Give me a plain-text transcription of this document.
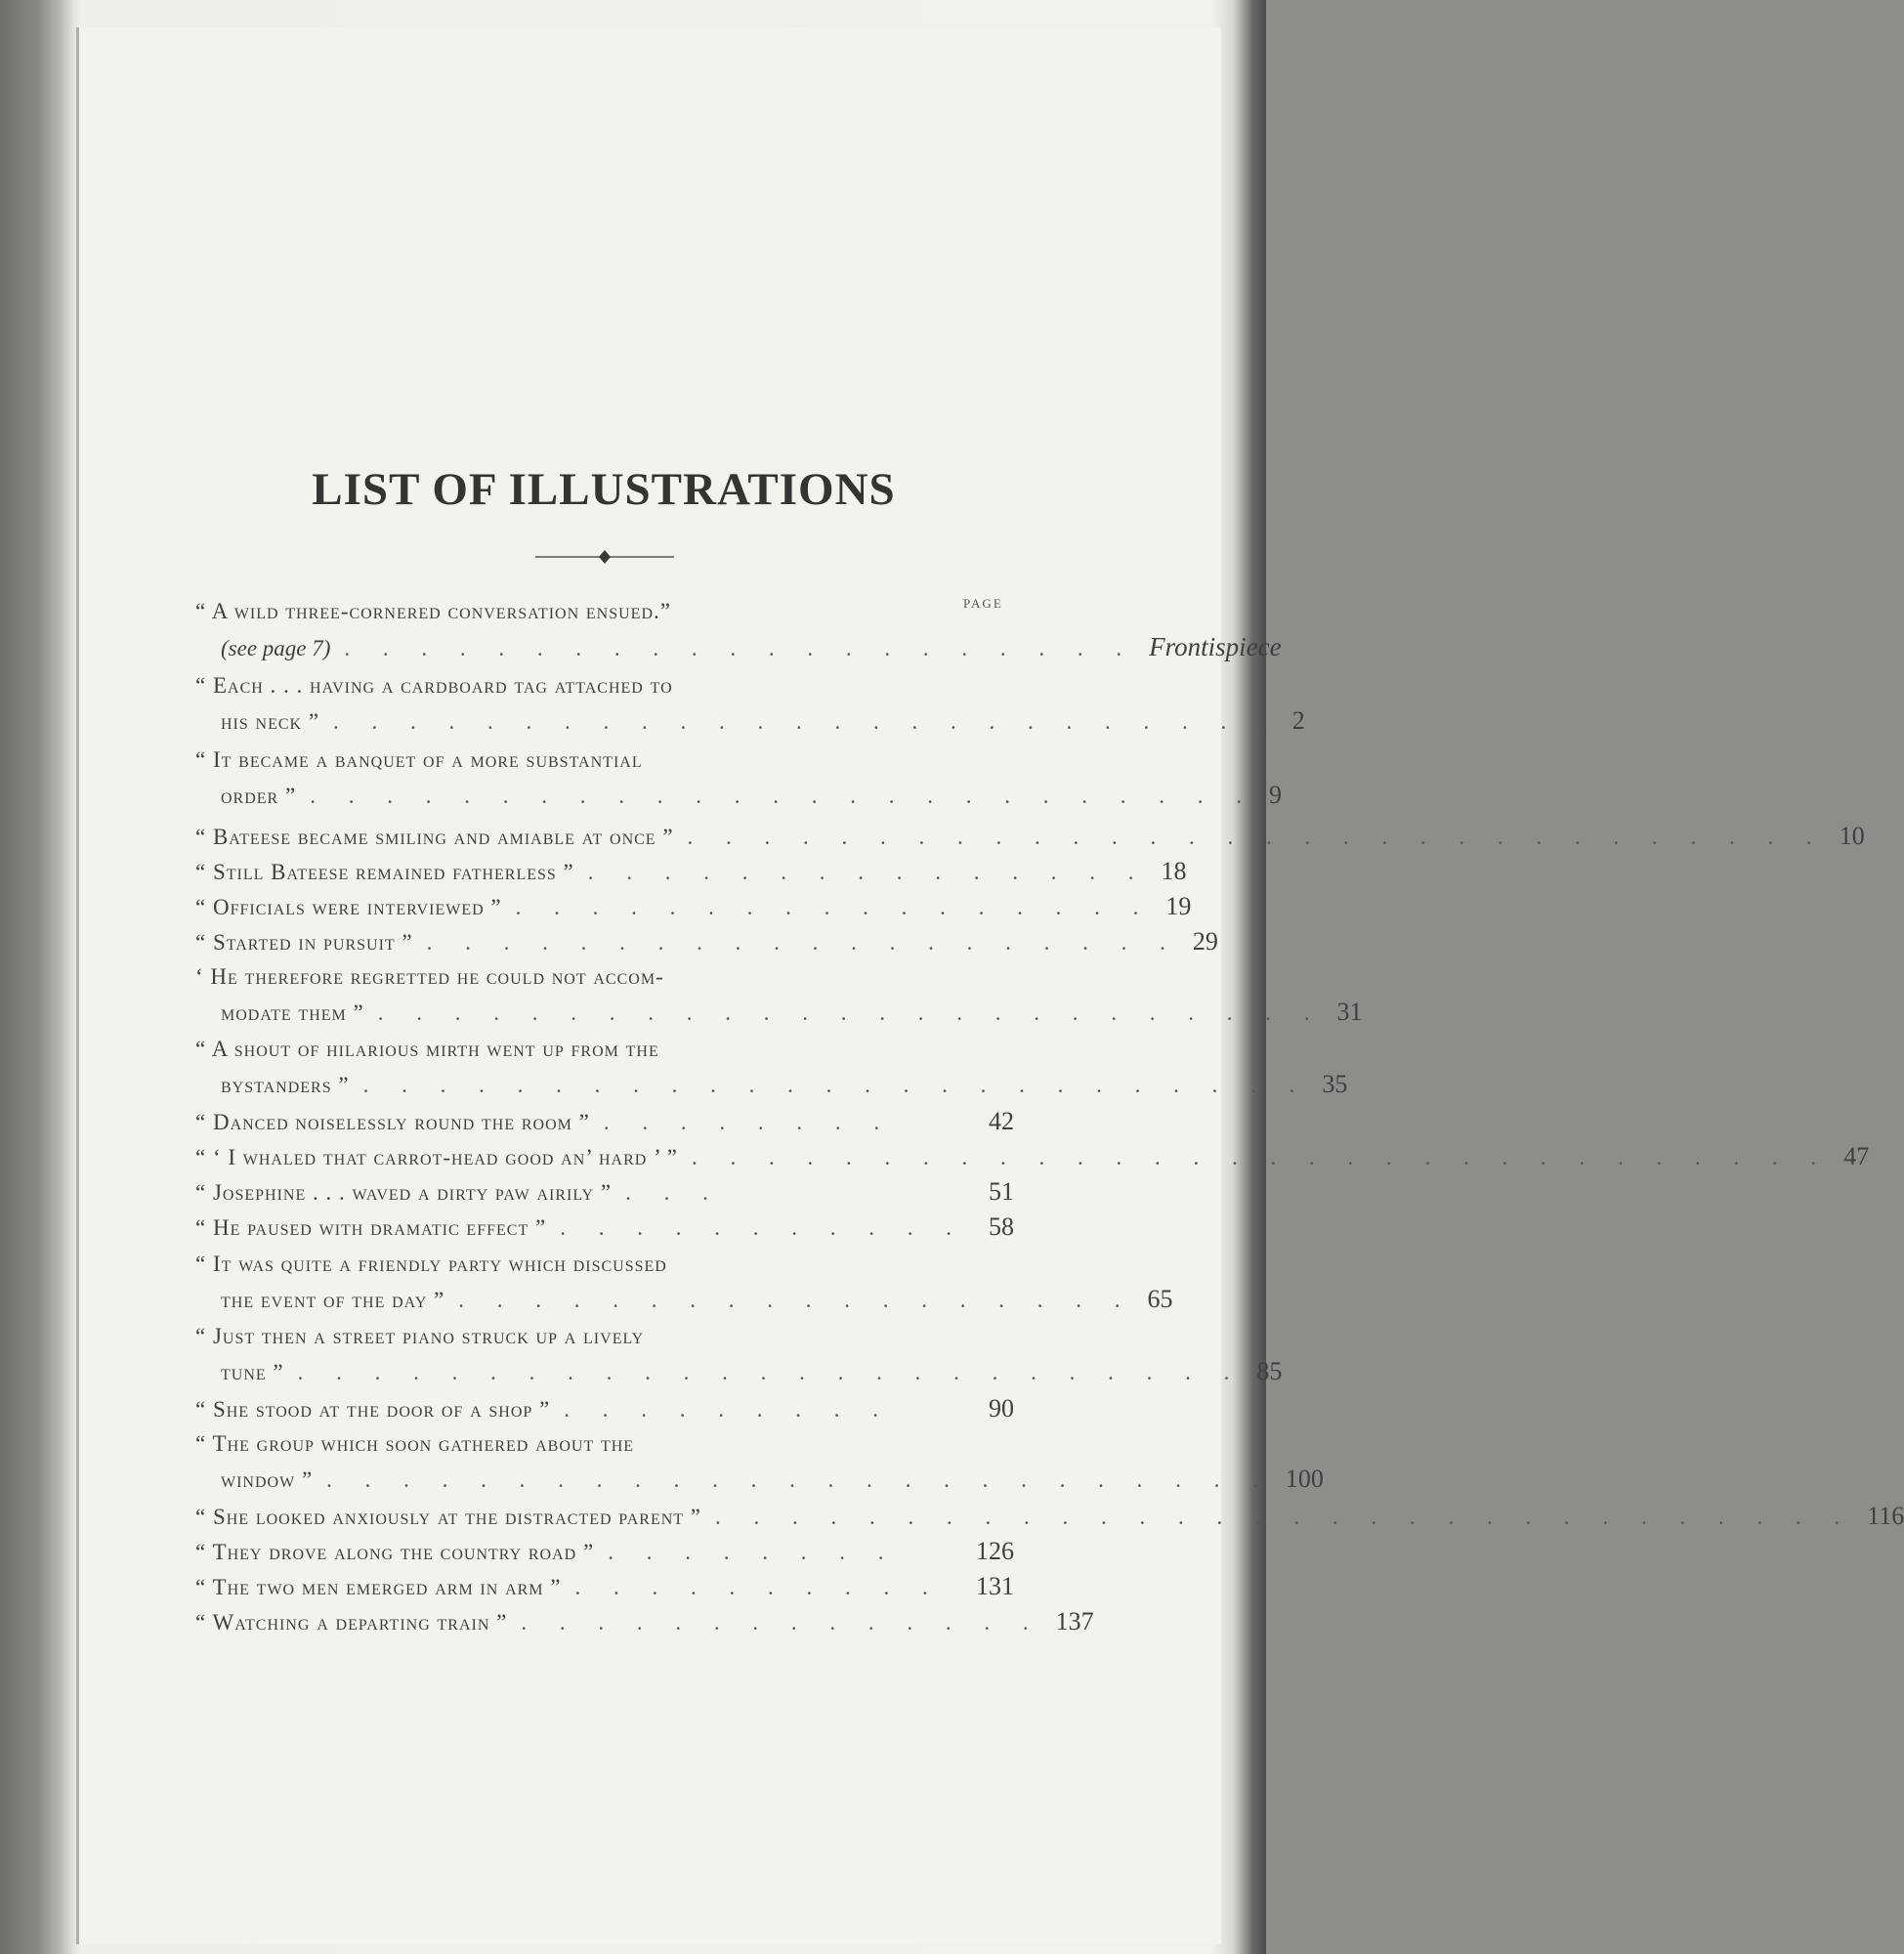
LIST OF ILLUSTRATIONS
PAGE
“ A wild three-cornered conversation ensued.”
(see page 7) . . . . . . . . . . . . . . . . . . . . . Frontispiece
“ Each . . . having a cardboard tag attached to
his neck ” . . . . . . . . . . . . . . . . . . . . . . . . . 2
“ It became a banquet of a more substantial
order ” . . . . . . . . . . . . . . . . . . . . . . . . . 9
“ Bateese became smiling and amiable at once ” . . . . . . . . . . . . . . . . . . . . . . . . . . . . . . 10
“ Still Bateese remained fatherless ” . . . . . . . . . . . . . . . 18
“ Officials were interviewed ” . . . . . . . . . . . . . . . . . 19
“ Started in pursuit ” . . . . . . . . . . . . . . . . . . . . 29
‘ He therefore regretted he could not accom-
modate them ” . . . . . . . . . . . . . . . . . . . . . . . . . 31
“ A shout of hilarious mirth went up from the
bystanders ” . . . . . . . . . . . . . . . . . . . . . . . . . 35
“ Danced noiselessly round the room ” . . . . . . . .	42
“ ‘ I whaled that carrot-head good an’ hard ’ ” . . . . . . . . . . . . . . . . . . . . . . . . . . . . . . 47
“ Josephine . . . waved a dirty paw airily ” . . .	51
“ He paused with dramatic effect ” . . . . . . . . . . . 58
“ It was quite a friendly party which discussed
the event of the day ” . . . . . . . . . . . . . . . . . . 65
“ Just then a street piano struck up a lively
tune ” . . . . . . . . . . . . . . . . . . . . . . . . . 85
“ She stood at the door of a shop ” . . . . . . . . .	90
“ The group which soon gathered about the
window ” . . . . . . . . . . . . . . . . . . . . . . . . . 100
“ She looked anxiously at the distracted parent ” . . . . . . . . . . . . . . . . . . . . . . . . . . . . . . 116
“ They drove along the country road ” . . . . . . . .	126
“ The two men emerged arm in arm ” . . . . . . . . . .	131
“ Watching a departing train ” . . . . . . . . . . . . . . 137
